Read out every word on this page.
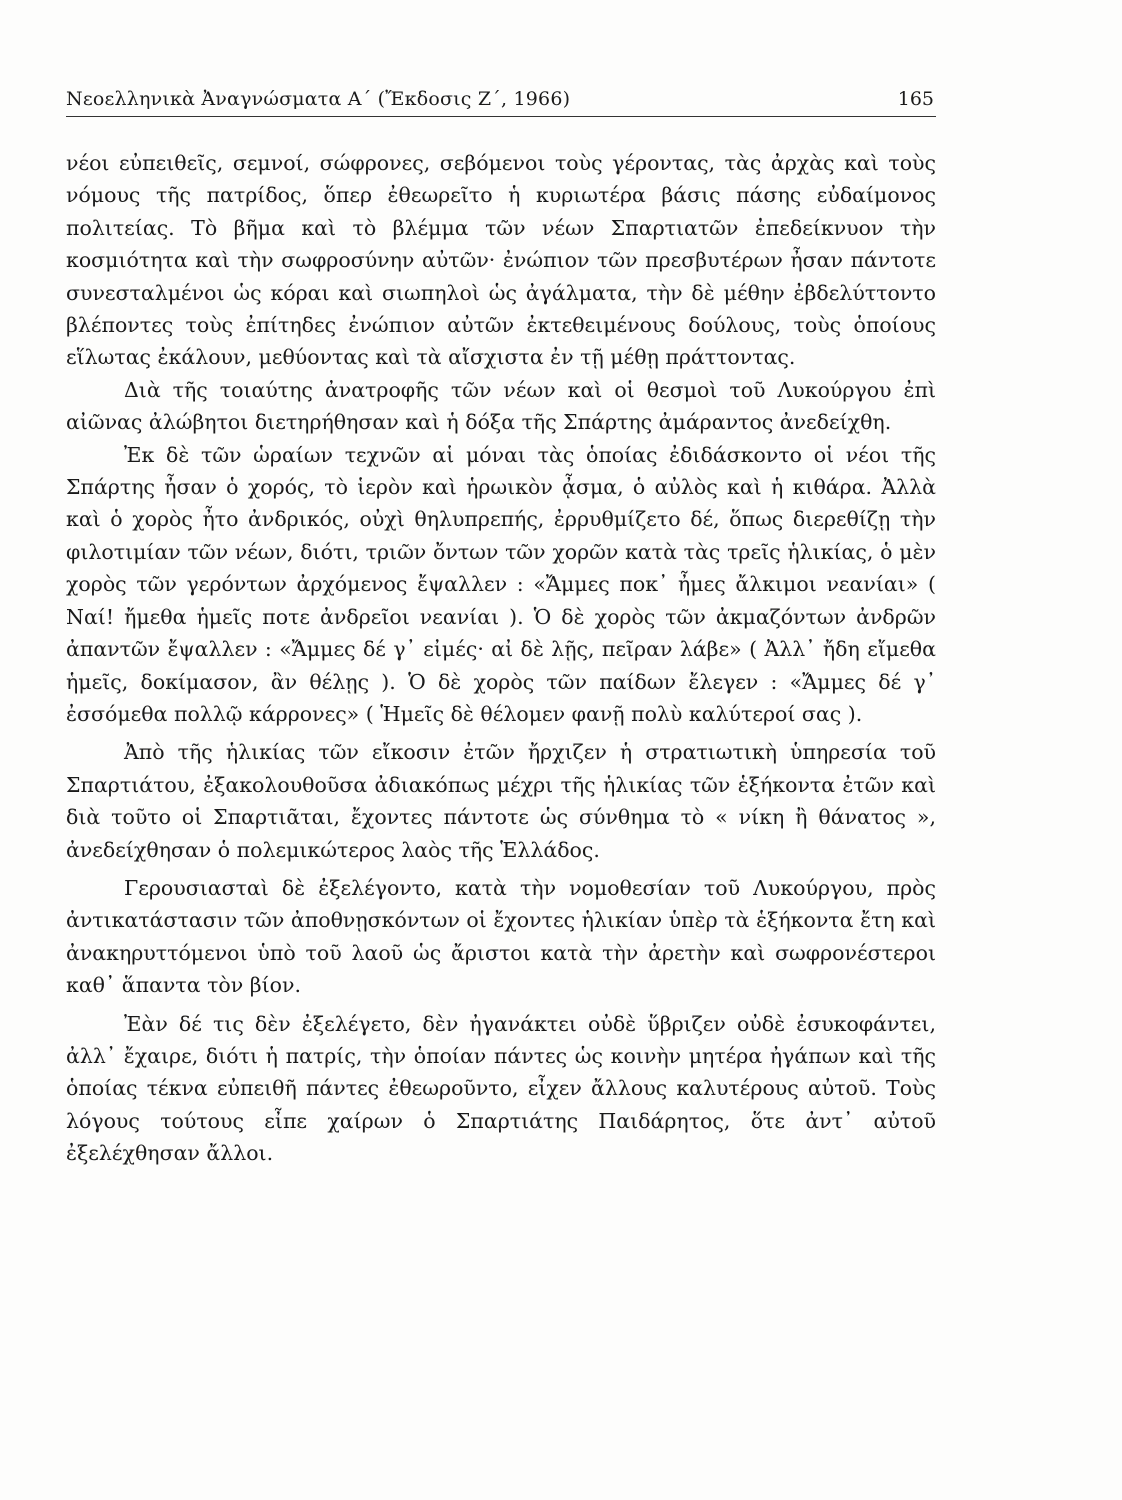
Νεοελληνικὰ Ἀναγνώσματα Α΄ (Ἔκδοσις Ζ΄, 1966)	165

νέοι εὐπειθεῖς, σεμνοί, σώφρονες, σεβόμενοι τοὺς γέροντας, τὰς ἀρχὰς καὶ τοὺς νόμους τῆς πατρίδος, ὅπερ ἐθεωρεῖτο ἡ κυριωτέρα βάσις πάσης εὐδαίμονος πολιτείας. Τὸ βῆμα καὶ τὸ βλέμμα τῶν νέων Σπαρτιατῶν ἐπεδείκνυον τὴν κοσμιότητα καὶ τὴν σωφροσύνην αὐτῶν· ἐνώπιον τῶν πρεσβυτέρων ἦσαν πάντοτε συνεσταλμένοι ὡς κόραι καὶ σιωπηλοὶ ὡς ἀγάλματα, τὴν δὲ μέθην ἐβδελύττοντο βλέποντες τοὺς ἐπίτηδες ἐνώπιον αὐτῶν ἐκτεθειμένους δούλους, τοὺς ὁποίους εἵλωτας ἐκάλουν, μεθύοντας καὶ τὰ αἴσχιστα ἐν τῇ μέθῃ πράττοντας.

Διὰ τῆς τοιαύτης ἀνατροφῆς τῶν νέων καὶ οἱ θεσμοὶ τοῦ Λυκούργου ἐπὶ αἰῶνας ἀλώβητοι διετηρήθησαν καὶ ἡ δόξα τῆς Σπάρτης ἀμάραντος ἀνεδείχθη.

Ἐκ δὲ τῶν ὡραίων τεχνῶν αἱ μόναι τὰς ὁποίας ἐδιδάσκοντο οἱ νέοι τῆς Σπάρτης ἦσαν ὁ χορός, τὸ ἱερὸν καὶ ἡρωικὸν ᾆσμα, ὁ αὐλὸς καὶ ἡ κιθάρα. Ἀλλὰ καὶ ὁ χορὸς ἦτο ἀνδρικός, οὐχὶ θηλυπρεπής, ἐρρυθμίζετο δέ, ὅπως διερεθίζῃ τὴν φιλοτιμίαν τῶν νέων, διότι, τριῶν ὄντων τῶν χορῶν κατὰ τὰς τρεῖς ἡλικίας, ὁ μὲν χορὸς τῶν γερόντων ἀρχόμενος ἔψαλλεν : «Ἄμμες ποκ᾽ ἦμες ἄλκιμοι νεανίαι» ( Ναί! ἤμεθα ἡμεῖς ποτε ἀνδρεῖοι νεανίαι ). Ὁ δὲ χορὸς τῶν ἀκμαζόντων ἀνδρῶν ἀπαντῶν ἔψαλλεν : «Ἄμμες δέ γ᾽ εἰμές· αἰ δὲ λῇς, πεῖραν λάβε» ( Ἀλλ᾽ ἤδη εἴμεθα ἡμεῖς, δοκίμασον, ἂν θέλῃς ). Ὁ δὲ χορὸς τῶν παίδων ἔλεγεν : «Ἄμμες δέ γ᾽ ἐσσόμεθα πολλῷ κάρρονες» ( Ἡμεῖς δὲ θέλομεν φανῇ πολὺ καλύτεροί σας ).

Ἀπὸ τῆς ἡλικίας τῶν εἴκοσιν ἐτῶν ἤρχιζεν ἡ στρατιωτικὴ ὑπηρεσία τοῦ Σπαρτιάτου, ἐξακολουθοῦσα ἀδιακόπως μέχρι τῆς ἡλικίας τῶν ἑξήκοντα ἐτῶν καὶ διὰ τοῦτο οἱ Σπαρτιᾶται, ἔχοντες πάντοτε ὡς σύνθημα τὸ « νίκη ἢ θάνατος », ἀνεδείχθησαν ὁ πολεμικώτερος λαὸς τῆς Ἑλλάδος.

Γερουσιασταὶ δὲ ἐξελέγοντο, κατὰ τὴν νομοθεσίαν τοῦ Λυκούργου, πρὸς ἀντικατάστασιν τῶν ἀποθνῃσκόντων οἱ ἔχοντες ἡλικίαν ὑπὲρ τὰ ἑξήκοντα ἔτη καὶ ἀνακηρυττόμενοι ὑπὸ τοῦ λαοῦ ὡς ἄριστοι κατὰ τὴν ἀρετὴν καὶ σωφρονέστεροι καθ᾽ ἅπαντα τὸν βίον.

Ἐὰν δέ τις δὲν ἐξελέγετο, δὲν ἠγανάκτει οὐδὲ ὕβριζεν οὐδὲ ἐσυκοφάντει, ἀλλ᾽ ἔχαιρε, διότι ἡ πατρίς, τὴν ὁποίαν πάντες ὡς κοινὴν μητέρα ἠγάπων καὶ τῆς ὁποίας τέκνα εὐπειθῆ πάντες ἐθεωροῦντο, εἶχεν ἄλλους καλυτέρους αὐτοῦ. Τοὺς λόγους τούτους εἶπε χαίρων ὁ Σπαρτιάτης Παιδάρητος, ὅτε ἀντ᾽ αὐτοῦ ἐξελέχθησαν ἄλλοι.
